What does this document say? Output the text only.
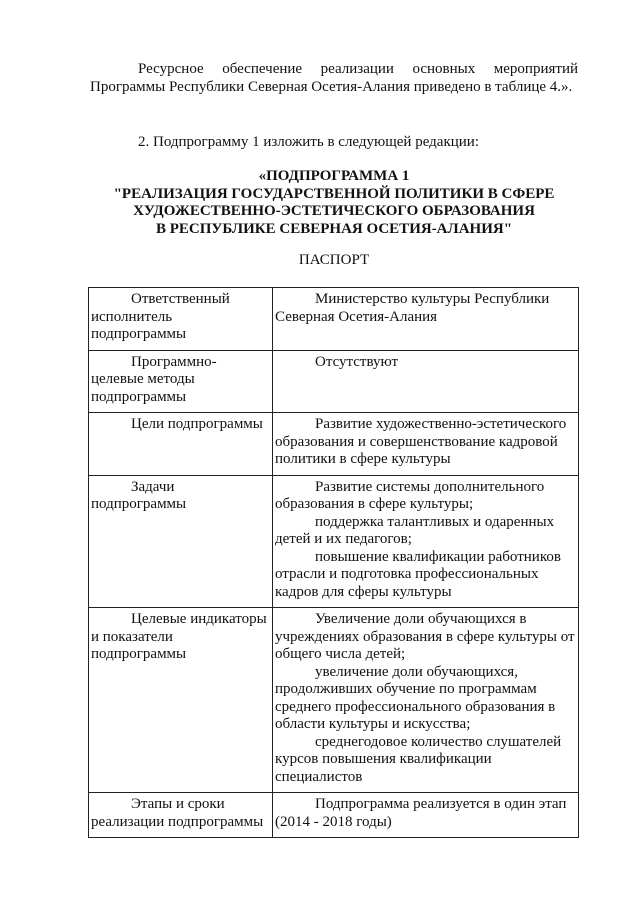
Ресурсное обеспечение реализации основных мероприятий Программы Республики Северная Осетия-Алания приведено в таблице 4.».

2. Подпрограмму 1 изложить в следующей редакции:

«ПОДПРОГРАММА 1
"РЕАЛИЗАЦИЯ ГОСУДАРСТВЕННОЙ ПОЛИТИКИ В СФЕРЕ
ХУДОЖЕСТВЕННО-ЭСТЕТИЧЕСКОГО ОБРАЗОВАНИЯ
В РЕСПУБЛИКЕ СЕВЕРНАЯ ОСЕТИЯ-АЛАНИЯ"
ПАСПОРТ

Ответственный исполнитель подпрограммы	Министерство культуры Республики Северная Осетия-Алания

Программно-целевые методы подпрограммы	Отсутствуют

Цели подпрограммы	Развитие художественно-эстетического образования и совершенствование кадровой политики в сфере культуры

Задачи подпрограммы	Развитие системы дополнительного образования в сфере культуры;

поддержка талантливых и одаренных детей и их педагогов;

повышение квалификации работников отрасли и подготовка профессиональных кадров для сферы культуры

Целевые индикаторы и показатели подпрограммы	Увеличение доли обучающихся в учреждениях образования в сфере культуры от общего числа детей;

увеличение доли обучающихся, продолживших обучение по программам среднего профессионального образования в области культуры и искусства;

среднегодовое количество слушателей курсов повышения квалификации специалистов

Этапы и сроки реализации подпрограммы	Подпрограмма реализуется в один этап (2014 - 2018 годы)
